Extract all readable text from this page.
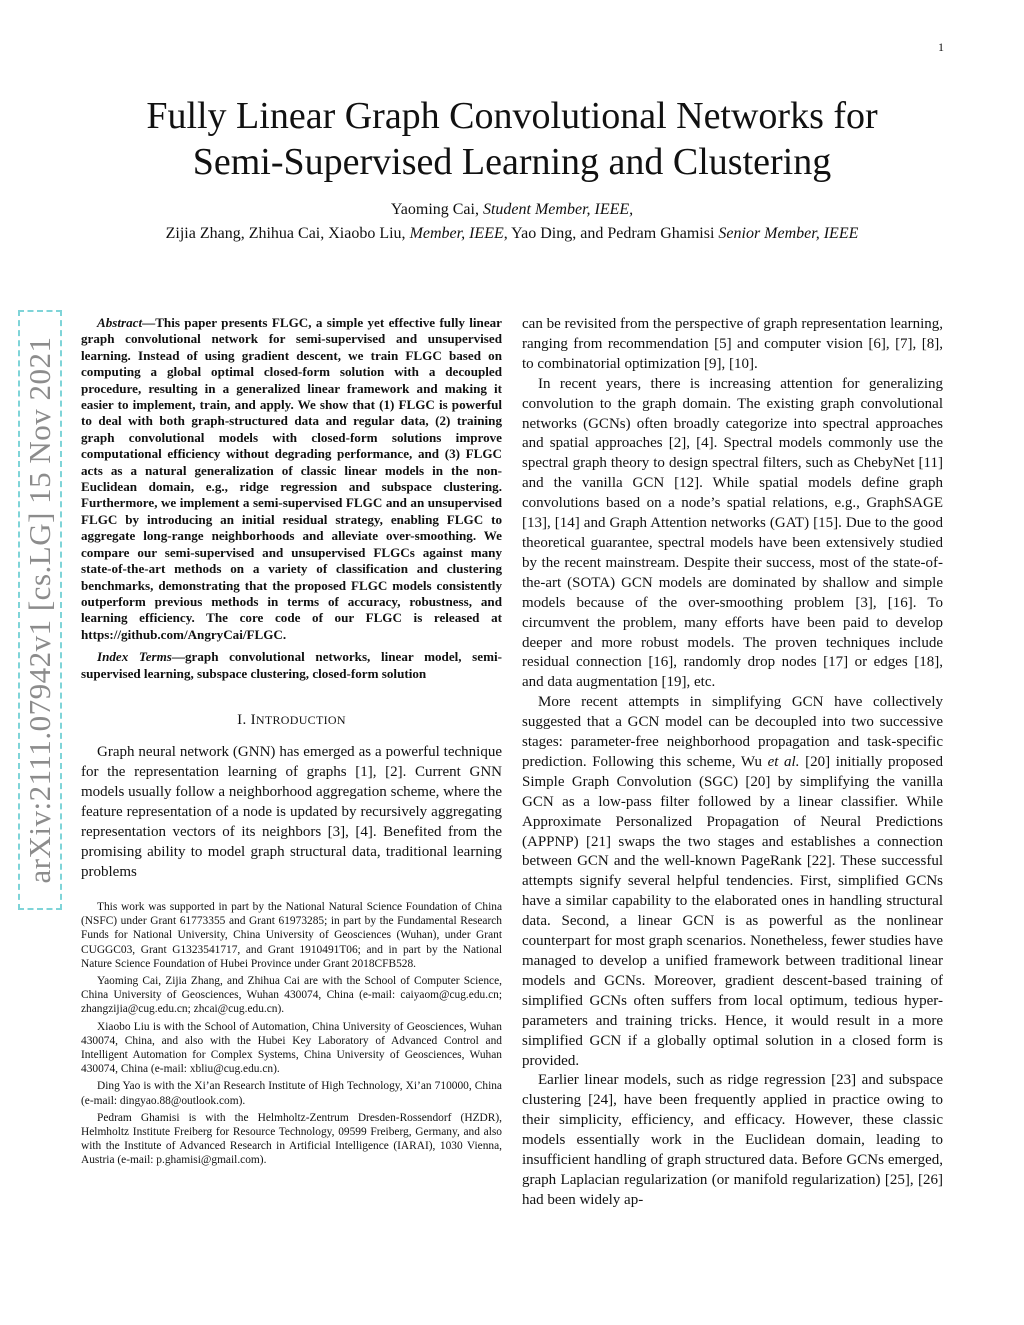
1
arXiv:2111.07942v1 [cs.LG] 15 Nov 2021
Fully Linear Graph Convolutional Networks for
Semi-Supervised Learning and Clustering
Yaoming Cai, Student Member, IEEE,
Zijia Zhang, Zhihua Cai, Xiaobo Liu, Member, IEEE, Yao Ding, and Pedram Ghamisi Senior Member, IEEE

Abstract—This paper presents FLGC, a simple yet effective fully linear graph convolutional network for semi-supervised and unsupervised learning. Instead of using gradient descent, we train FLGC based on computing a global optimal closed-form solution with a decoupled procedure, resulting in a generalized linear framework and making it easier to implement, train, and apply. We show that (1) FLGC is powerful to deal with both graph-structured data and regular data, (2) training graph convolutional models with closed-form solutions improve computational efficiency without degrading performance, and (3) FLGC acts as a natural generalization of classic linear models in the non-Euclidean domain, e.g., ridge regression and subspace clustering. Furthermore, we implement a semi-supervised FLGC and an unsupervised FLGC by introducing an initial residual strategy, enabling FLGC to aggregate long-range neighborhoods and alleviate over-smoothing. We compare our semi-supervised and unsupervised FLGCs against many state-of-the-art methods on a variety of classification and clustering benchmarks, demonstrating that the proposed FLGC models consistently outperform previous methods in terms of accuracy, robustness, and learning efficiency. The core code of our FLGC is released at https://github.com/AngryCai/FLGC.

Index Terms—graph convolutional networks, linear model, semi-supervised learning, subspace clustering, closed-form solution

I. INTRODUCTION

Graph neural network (GNN) has emerged as a powerful technique for the representation learning of graphs [1], [2]. Current GNN models usually follow a neighborhood aggregation scheme, where the feature representation of a node is updated by recursively aggregating representation vectors of its neighbors [3], [4]. Benefited from the promising ability to model graph structural data, traditional learning problems

This work was supported in part by the National Natural Science Foundation of China (NSFC) under Grant 61773355 and Grant 61973285; in part by the Fundamental Research Funds for National University, China University of Geosciences (Wuhan), under Grant CUGGC03, Grant G1323541717, and Grant 1910491T06; and in part by the National Nature Science Foundation of Hubei Province under Grant 2018CFB528.

Yaoming Cai, Zijia Zhang, and Zhihua Cai are with the School of Computer Science, China University of Geosciences, Wuhan 430074, China (e-mail: caiyaom@cug.edu.cn; zhangzijia@cug.edu.cn; zhcai@cug.edu.cn).

Xiaobo Liu is with the School of Automation, China University of Geosciences, Wuhan 430074, China, and also with the Hubei Key Laboratory of Advanced Control and Intelligent Automation for Complex Systems, China University of Geosciences, Wuhan 430074, China (e-mail: xbliu@cug.edu.cn).

Ding Yao is with the Xi’an Research Institute of High Technology, Xi’an 710000, China (e-mail: dingyao.88@outlook.com).

Pedram Ghamisi is with the Helmholtz-Zentrum Dresden-Rossendorf (HZDR), Helmholtz Institute Freiberg for Resource Technology, 09599 Freiberg, Germany, and also with the Institute of Advanced Research in Artificial Intelligence (IARAI), 1030 Vienna, Austria (e-mail: p.ghamisi@gmail.com).

can be revisited from the perspective of graph representation learning, ranging from recommendation [5] and computer vision [6], [7], [8], to combinatorial optimization [9], [10].

In recent years, there is increasing attention for generalizing convolution to the graph domain. The existing graph convolutional networks (GCNs) often broadly categorize into spectral approaches and spatial approaches [2], [4]. Spectral models commonly use the spectral graph theory to design spectral filters, such as ChebyNet [11] and the vanilla GCN [12]. While spatial models define graph convolutions based on a node’s spatial relations, e.g., GraphSAGE [13], [14] and Graph Attention networks (GAT) [15]. Due to the good theoretical guarantee, spectral models have been extensively studied by the recent mainstream. Despite their success, most of the state-of-the-art (SOTA) GCN models are dominated by shallow and simple models because of the over-smoothing problem [3], [16]. To circumvent the problem, many efforts have been paid to develop deeper and more robust models. The proven techniques include residual connection [16], randomly drop nodes [17] or edges [18], and data augmentation [19], etc.

More recent attempts in simplifying GCN have collectively suggested that a GCN model can be decoupled into two successive stages: parameter-free neighborhood propagation and task-specific prediction. Following this scheme, Wu et al. [20] initially proposed Simple Graph Convolution (SGC) [20] by simplifying the vanilla GCN as a low-pass filter followed by a linear classifier. While Approximate Personalized Propagation of Neural Predictions (APPNP) [21] swaps the two stages and establishes a connection between GCN and the well-known PageRank [22]. These successful attempts signify several helpful tendencies. First, simplified GCNs have a similar capability to the elaborated ones in handling structural data. Second, a linear GCN is as powerful as the nonlinear counterpart for most graph scenarios. Nonetheless, fewer studies have managed to develop a unified framework between traditional linear models and GCNs. Moreover, gradient descent-based training of simplified GCNs often suffers from local optimum, tedious hyper-parameters and training tricks. Hence, it would result in a more simplified GCN if a globally optimal solution in a closed form is provided.

Earlier linear models, such as ridge regression [23] and subspace clustering [24], have been frequently applied in practice owing to their simplicity, efficiency, and efficacy. However, these classic models essentially work in the Euclidean domain, leading to insufficient handling of graph structured data. Before GCNs emerged, graph Laplacian regularization (or manifold regularization) [25], [26] had been widely ap-
